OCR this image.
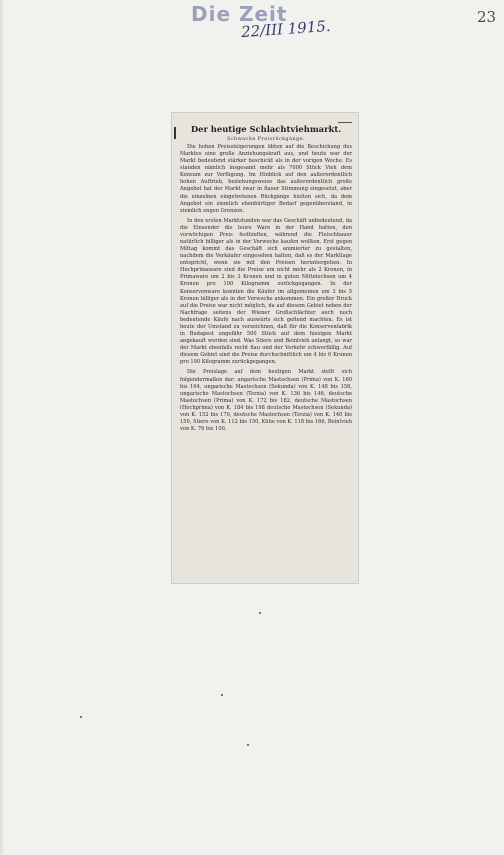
Die Zeit
22/III 1915.	23
Der heutige Schlachtviehmarkt.
Schwache Preisrückgänge.

Die hohen Preissteigerungen übten auf die Beschickung des Marktes eine große Anziehungskraft aus, und heute war der Markt bedeutend stärker beschickt als in der vorigen Woche. Es standen nämlich insgesamt mehr als 7000 Stück Vieh dem Konsum zur Verfügung. Im Hinblick auf den außerordentlich hohen Auftrieb, beziehungsweise das außerordentlich große Angebot hat der Markt zwar in flauer Stimmung eingesetzt, aber die einzelnen eingetretenen Rückgänge hielten sich, da dem Angebot ein ziemlich ebenbürtiger Bedarf gegenüberstand, in ziemlich engen Grenzen.

In den ersten Marktstunden war das Geschäft unbedeutend, da die Einsender die teure Ware in der Hand hatten, den vorwöchigen Preis festhielten, während die Fleischhauer natürlich billiger als in der Vorwoche kaufen wollten. Erst gegen Mittag kommt das Geschäft sich animierter zu gestalten, nachdem die Verkäufer eingesehen hatten, daß es der Marktlage entspricht, wenn sie mit den Preisen heruntergehen. In Hochprimaware sind die Preise um nicht mehr als 2 Kronen, in Primaware um 2 bis 3 Kronen und in guten Mittelochsen um 4 Kronen pro 100 Kilogramm zurückgegangen. In der Konservenware konnten die Käufer im allgemeinen um 3 bis 5 Kronen billiger als in der Vorwoche ankommen. Ein großer Druck auf die Preise war nicht möglich, da auf diesem Gebiet neben der Nachfrage seitens der Wiener Großschlächter auch noch bedeutende Käufe nach auswärts sich geltend machten. Es ist heute der Umstand zu verzeichnen, daß für die Konservenfabrik in Budapest ungefähr 500 Stück auf dem hiesigen Markt angekauft worden sind. Was Stiere und Beinlvieh anlangt, so war der Markt ebenfalls recht flau und der Verkehr schwerfällig. Auf diesem Gebiet sind die Preise durchschnittlich um 4 bis 6 Kronen pro 100 Kilogramm zurückgegangen.

Die Preislage auf dem heutigen Markt stellt sich folgendermaßen dar: ungarische Mastochsen (Prima) von K. 160 bis 164, ungarische Mastochsen (Sekunda) von K. 148 bis 158, ungarische Mastochsen (Terzia) von K. 136 bis 146, deutsche Mastochsen (Prima) von K. 172 bis 182, deutsche Mastochsen (Hochprima) von K. 184 bis 198 deutsche Mastochsen (Sekunda) von K. 152 bis 170, deutsche Mastochsen (Terzia) von K. 140 bis 150, Stiere von K. 112 bis 150, Kühe von K. 118 bis 166, Beinlvieh von K. 76 bis 100.
